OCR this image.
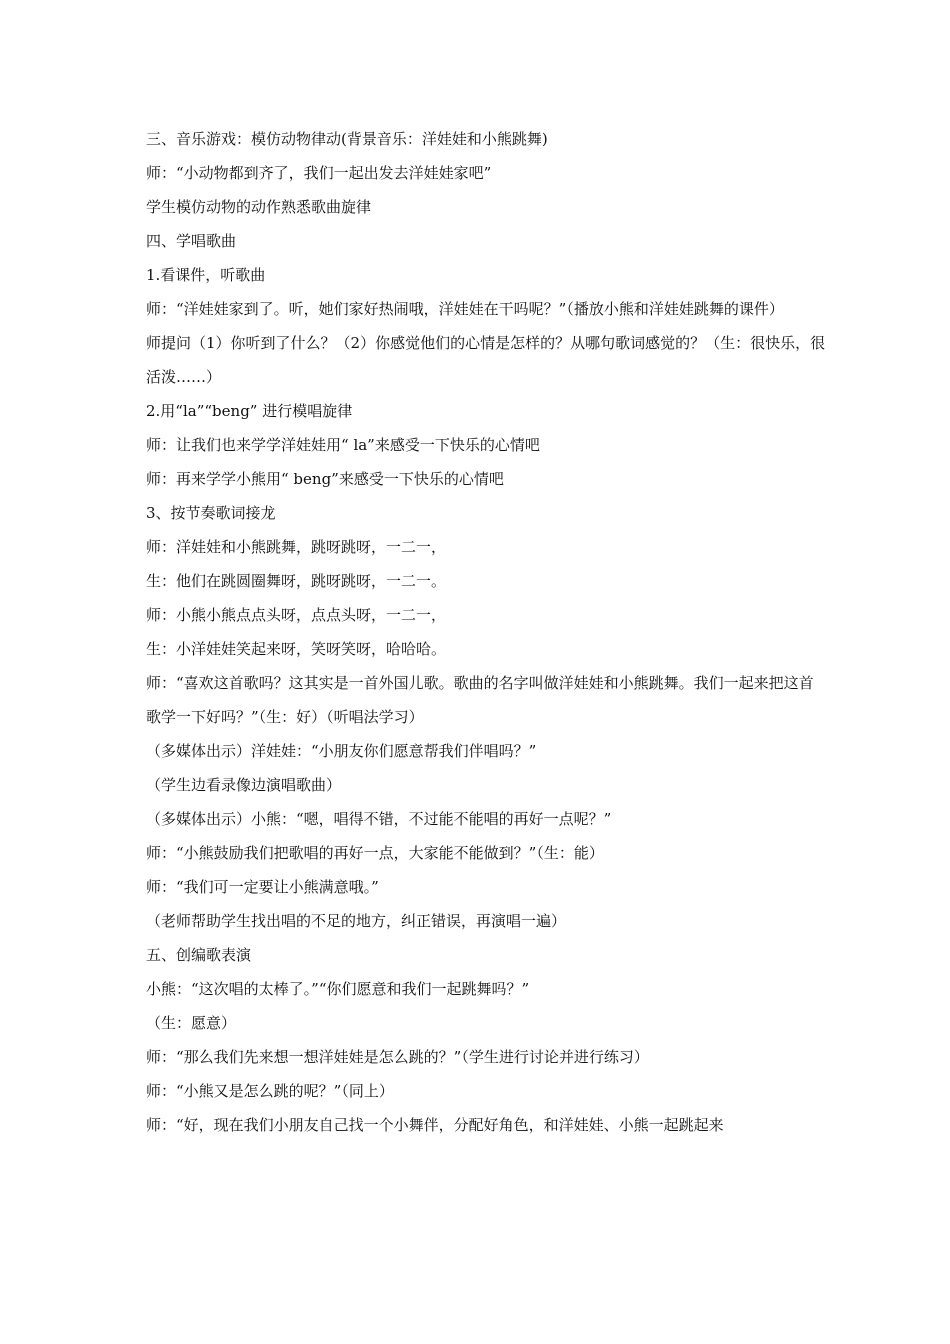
三、音乐游戏：模仿动物律动(背景音乐：洋娃娃和小熊跳舞)
师：“小动物都到齐了，我们一起出发去洋娃娃家吧”
学生模仿动物的动作熟悉歌曲旋律
四、学唱歌曲
1.看课件，听歌曲
师：“洋娃娃家到了。听，她们家好热闹哦，洋娃娃在干吗呢？”（播放小熊和洋娃娃跳舞的课件）
师提问（1）你听到了什么？（2）你感觉他们的心情是怎样的？从哪句歌词感觉的？（生：很快乐，很活泼……）
2.用“la”“beng” 进行模唱旋律
师：让我们也来学学洋娃娃用“ la”来感受一下快乐的心情吧
师：再来学学小熊用“ beng”来感受一下快乐的心情吧
3、按节奏歌词接龙
师：洋娃娃和小熊跳舞，跳呀跳呀，一二一，
生：他们在跳圆圈舞呀，跳呀跳呀，一二一。
师：小熊小熊点点头呀，点点头呀，一二一，
生：小洋娃娃笑起来呀，笑呀笑呀，哈哈哈。
师：“喜欢这首歌吗？这其实是一首外国儿歌。歌曲的名字叫做洋娃娃和小熊跳舞。我们一起来把这首歌学一下好吗？”（生：好）（听唱法学习）
（多媒体出示）洋娃娃：“小朋友你们愿意帮我们伴唱吗？”
（学生边看录像边演唱歌曲）
（多媒体出示）小熊：“嗯，唱得不错，不过能不能唱的再好一点呢？”
师：“小熊鼓励我们把歌唱的再好一点，大家能不能做到？”（生：能）
师：“我们可一定要让小熊满意哦。”
（老师帮助学生找出唱的不足的地方，纠正错误，再演唱一遍）
五、创编歌表演
小熊：“这次唱的太棒了。”“你们愿意和我们一起跳舞吗？”
（生：愿意）
师：“那么我们先来想一想洋娃娃是怎么跳的？”（学生进行讨论并进行练习）
师：“小熊又是怎么跳的呢？”（同上）
师：“好，现在我们小朋友自己找一个小舞伴，分配好角色，和洋娃娃、小熊一起跳起来
